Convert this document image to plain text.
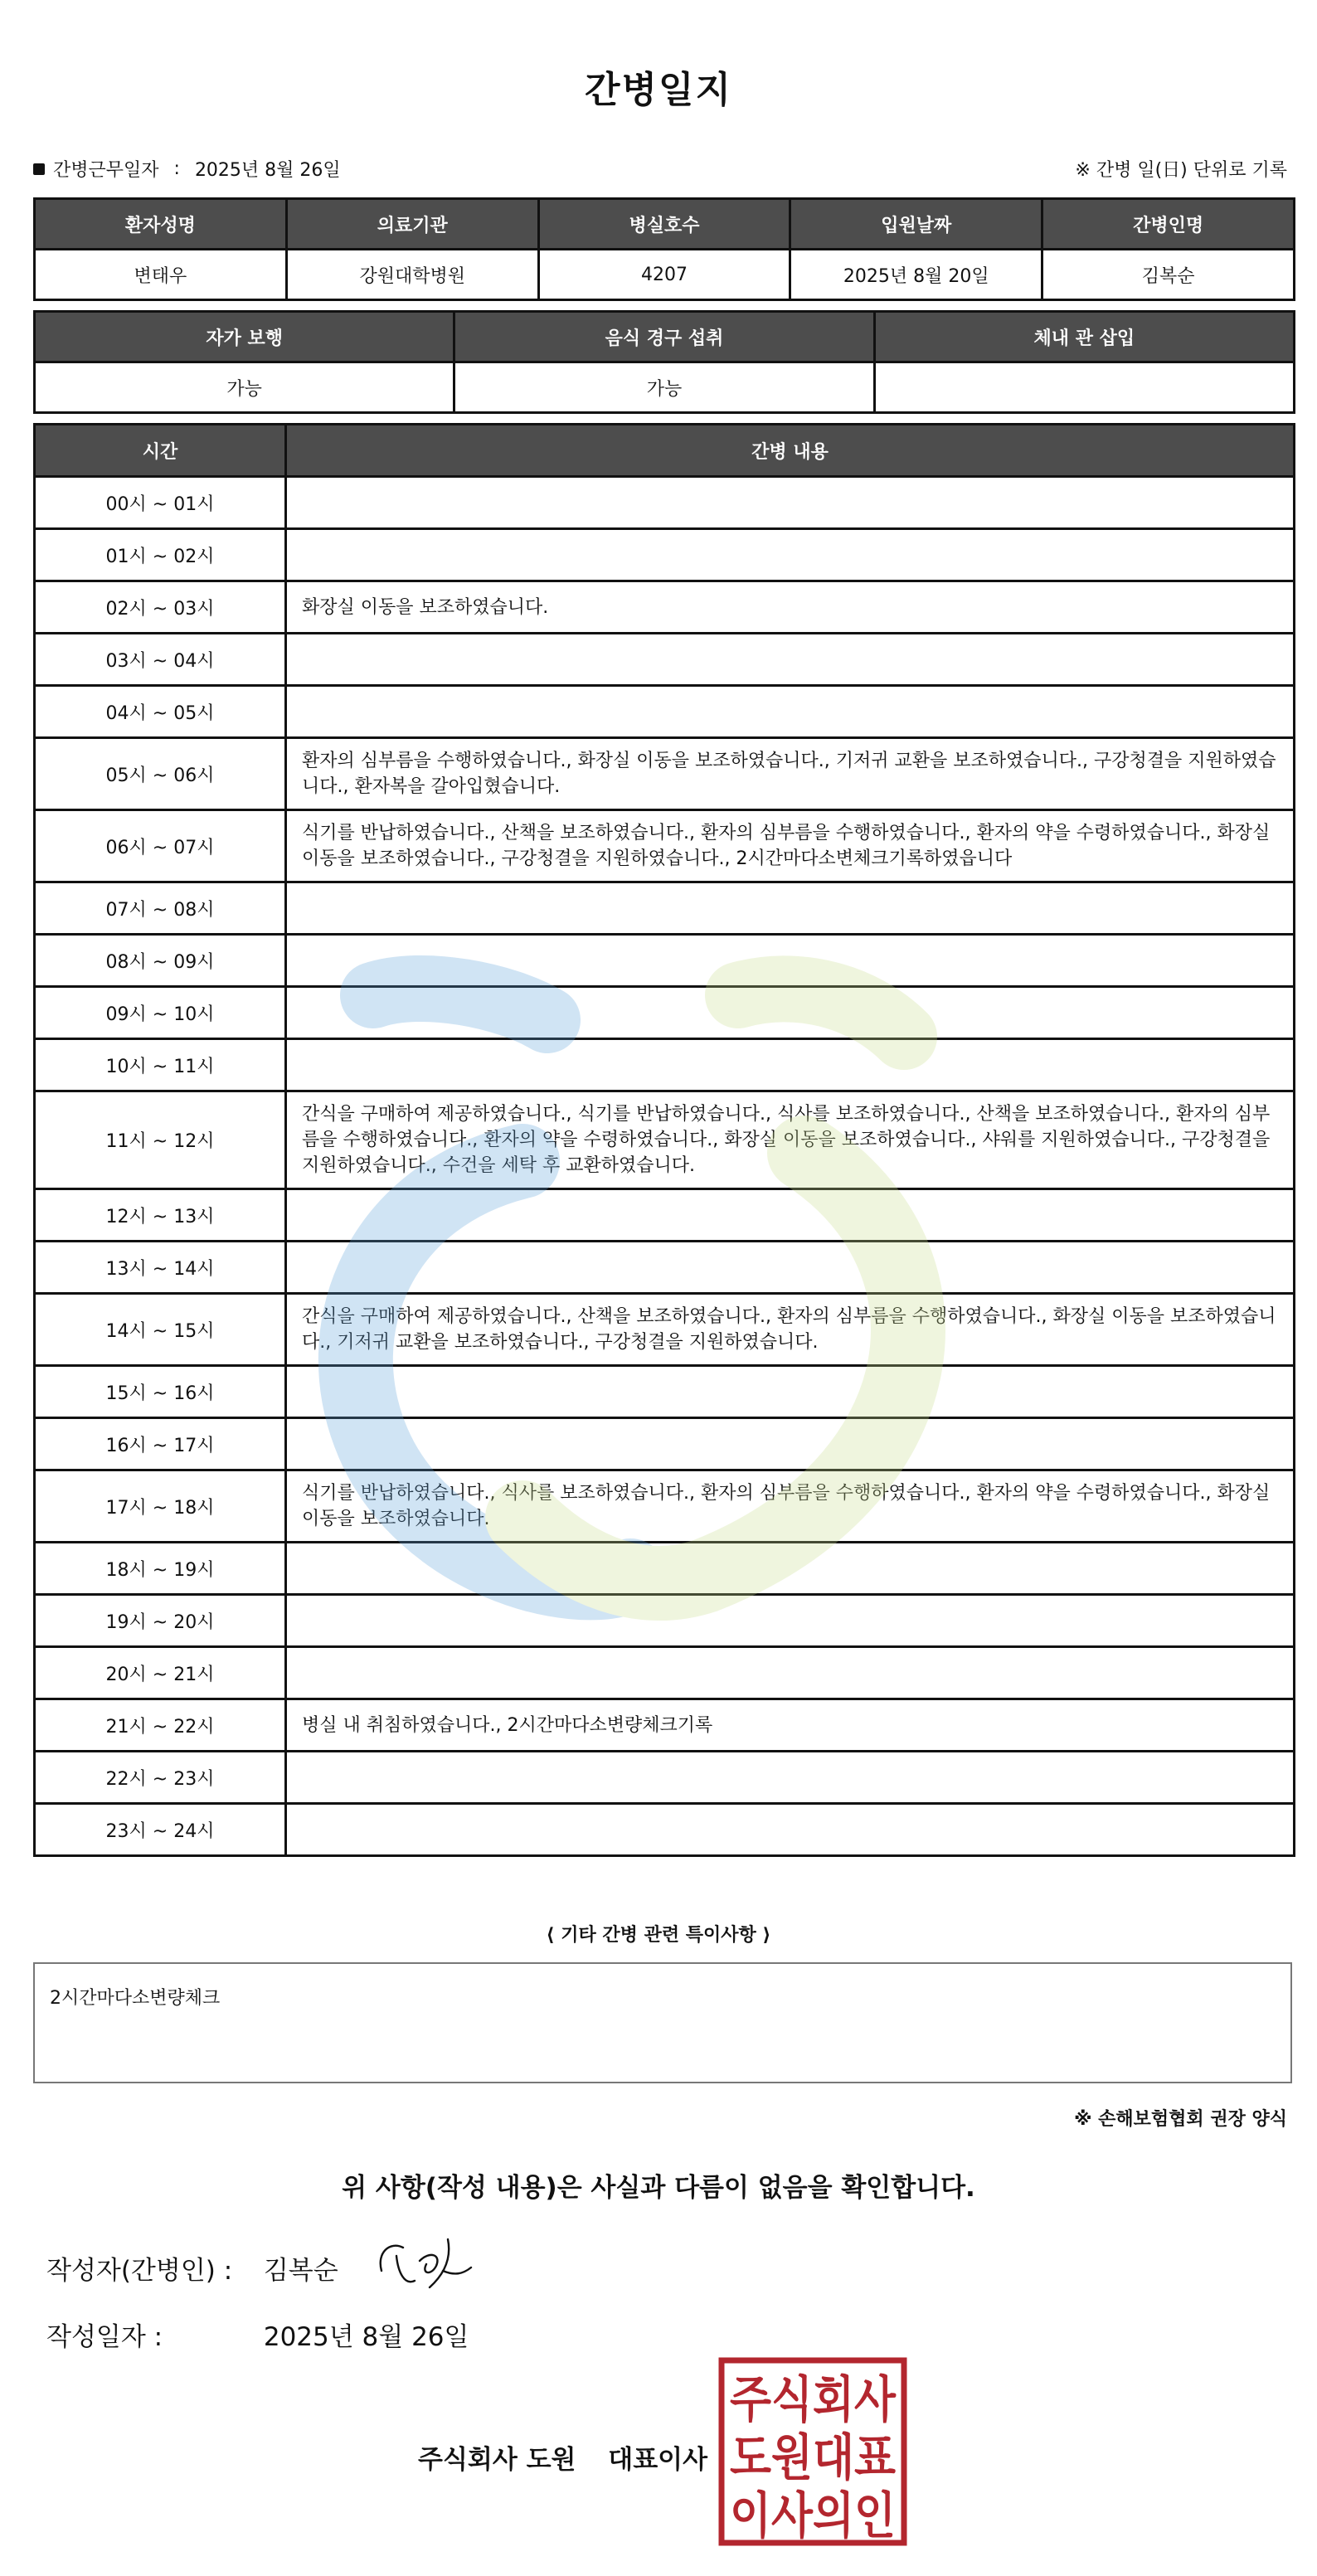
간병일지
간병근무일자 : 2025년 8월 26일	※ 간병 일(日) 단위로 기록
환자성명	의료기관	병실호수	입원날짜	간병인명
변태우	강원대학병원	4207	2025년 8월 20일	김복순
자가 보행	음식 경구 섭취	체내 관 삽입
가능	가능	
시간	간병 내용
00시 ~ 01시	
01시 ~ 02시	
02시 ~ 03시	화장실 이동을 보조하였습니다.
03시 ~ 04시	
04시 ~ 05시	
05시 ~ 06시	환자의 심부름을 수행하였습니다., 화장실 이동을 보조하였습니다., 기저귀 교환을 보조하였습니다., 구강청결을 지원하였습니다., 환자복을 갈아입혔습니다.
06시 ~ 07시	식기를 반납하였습니다., 산책을 보조하였습니다., 환자의 심부름을 수행하였습니다., 환자의 약을 수령하였습니다., 화장실 이동을 보조하였습니다., 구강청결을 지원하였습니다., 2시간마다소변체크기록하였읍니다
07시 ~ 08시	
08시 ~ 09시	
09시 ~ 10시	
10시 ~ 11시	
11시 ~ 12시	간식을 구매하여 제공하였습니다., 식기를 반납하였습니다., 식사를 보조하였습니다., 산책을 보조하였습니다., 환자의 심부름을 수행하였습니다., 환자의 약을 수령하였습니다., 화장실 이동을 보조하였습니다., 샤워를 지원하였습니다., 구강청결을 지원하였습니다., 수건을 세탁 후 교환하였습니다.
12시 ~ 13시	
13시 ~ 14시	
14시 ~ 15시	간식을 구매하여 제공하였습니다., 산책을 보조하였습니다., 환자의 심부름을 수행하였습니다., 화장실 이동을 보조하였습니다., 기저귀 교환을 보조하였습니다., 구강청결을 지원하였습니다.
15시 ~ 16시	
16시 ~ 17시	
17시 ~ 18시	식기를 반납하였습니다., 식사를 보조하였습니다., 환자의 심부름을 수행하였습니다., 환자의 약을 수령하였습니다., 화장실 이동을 보조하였습니다.
18시 ~ 19시	
19시 ~ 20시	
20시 ~ 21시	
21시 ~ 22시	병실 내 취침하였습니다., 2시간마다소변량체크기록
22시 ~ 23시	
23시 ~ 24시	
⟨ 기타 간병 관련 특이사항 ⟩
2시간마다소변량체크
※ 손해보험협회 권장 양식
위 사항(작성 내용)은 사실과 다름이 없음을 확인합니다.
작성자(간병인) : 김복순
작성일자 :	2025년 8월 26일
주식회사 도원 대표이사
주식회사
도원대표
이사의인
